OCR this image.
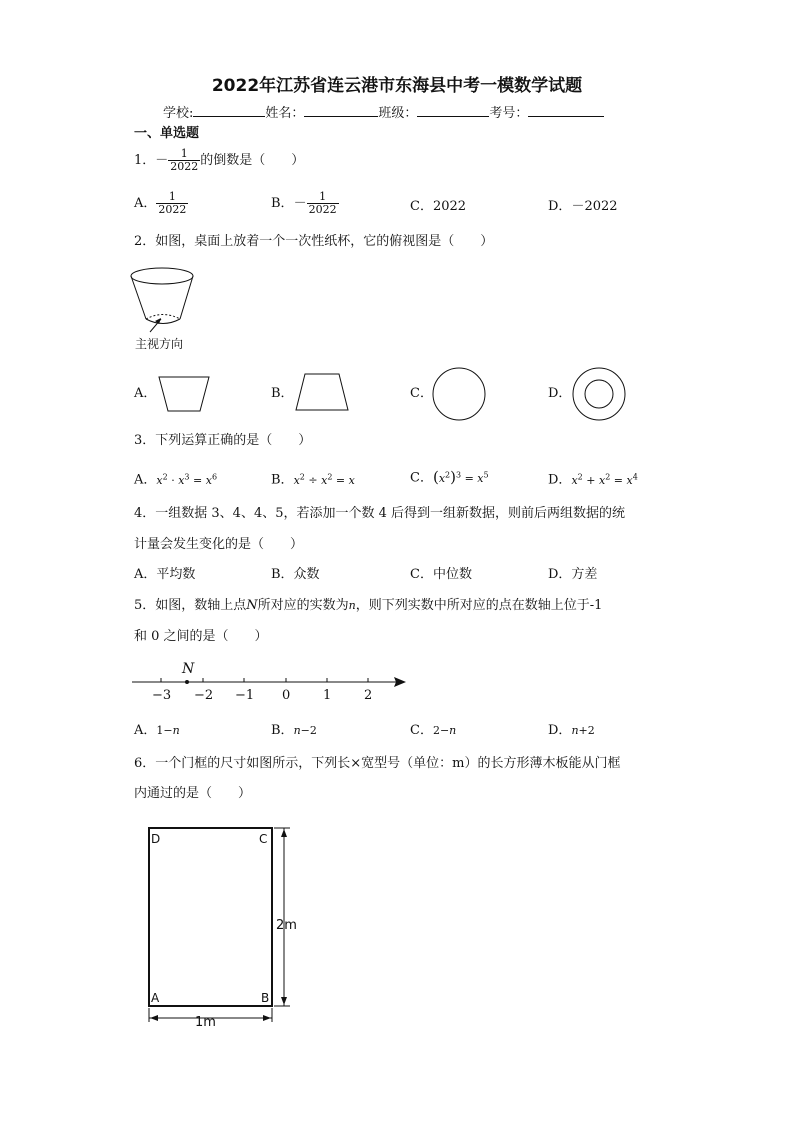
2022年江苏省连云港市东海县中考一模数学试题
学校:	姓名：	班级：	考号：
一、单选题
1． － $\frac{1}{2022}$ 的倒数是（　　）
A． $\frac{1}{2022}$	B． － $\frac{1}{2022}$	C．2022	D．－2022
2．如图，桌面上放着一个一次性纸杯，它的俯视图是（　　）
主视方向
A．	B．	C．	D．
3．下列运算正确的是（　　）
A．$x^2 \cdot x^3 = x^6$	B．$x^2 \div x^2 = x$	C．$(x^2)^3 = x^5$	D．$x^2 + x^2 = x^4$
4．一组数据 3、4、4、5，若添加一个数 4 后得到一组新数据，则前后两组数据的统
计量会发生变化的是（　　）
A．平均数	B．众数	C．中位数	D．方差
5．如图，数轴上点N所对应的实数为n，则下列实数中所对应的点在数轴上位于-1
和 0 之间的是（　　）
N
−3 −2 −1 0	1	2
A．1−n	B．n−2	C．2−n	D．n+2
6．一个门框的尺寸如图所示，下列长×宽型号（单位：m）的长方形薄木板能从门框
内通过的是（　　）
D	C
A	B
2m
1m
